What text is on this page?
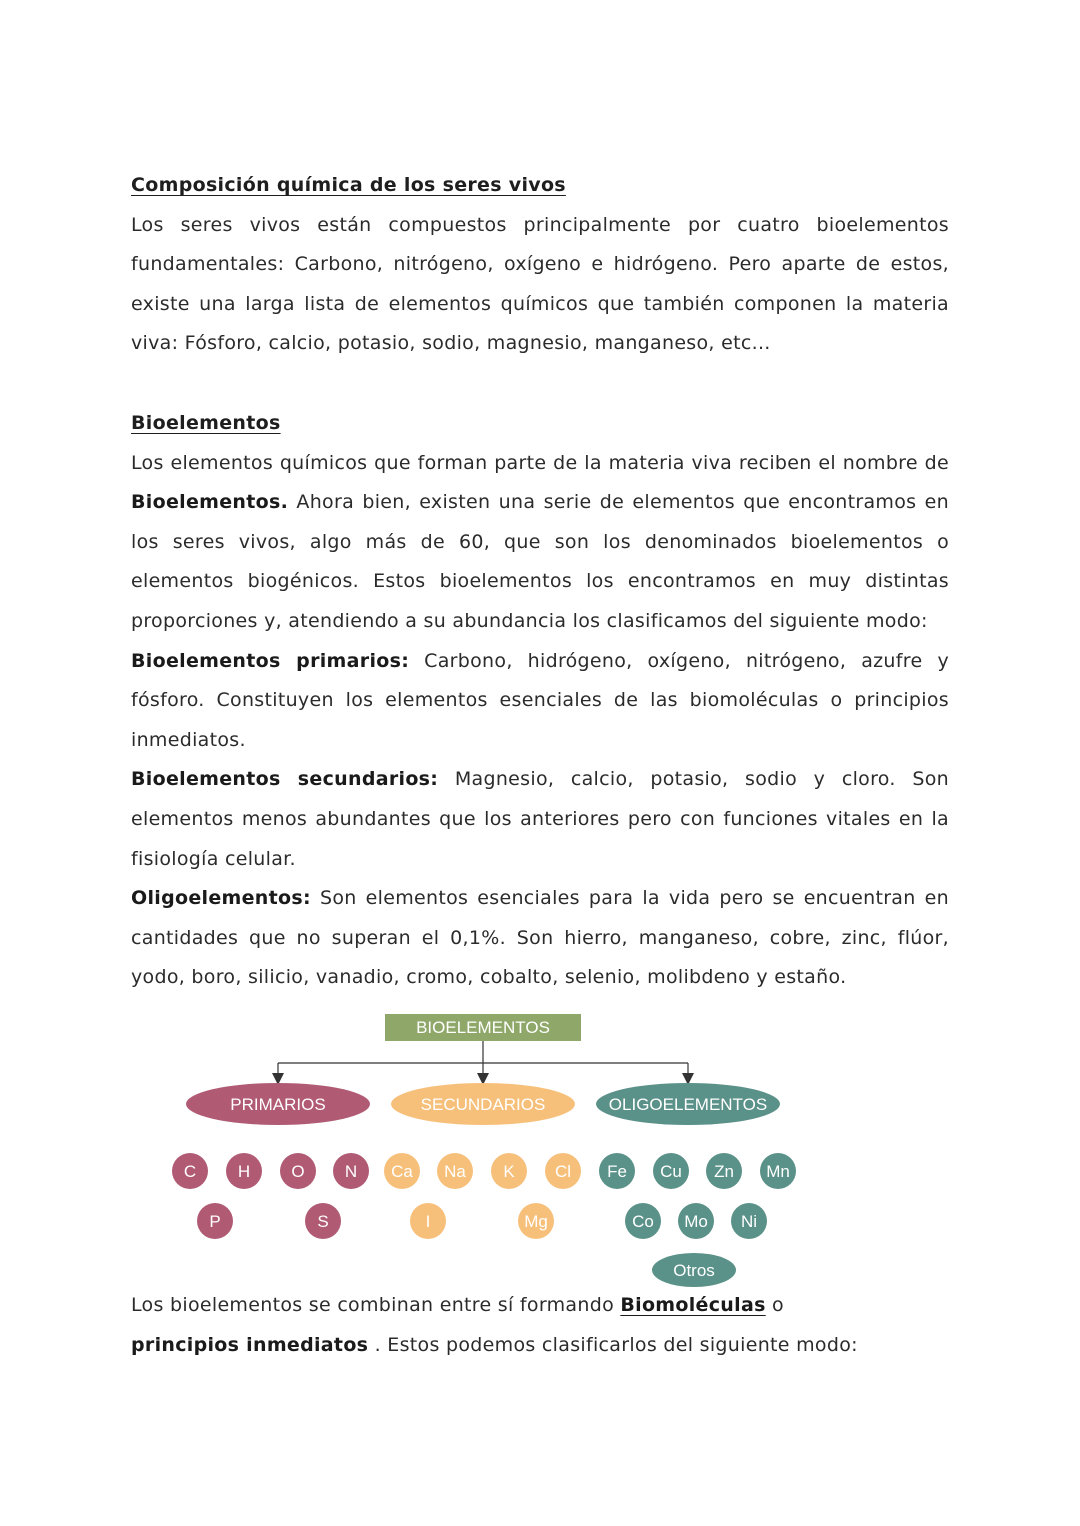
Composición química de los seres vivos
Los seres vivos están compuestos principalmente por cuatro bioelementos fundamentales: Carbono, nitrógeno, oxígeno e hidrógeno. Pero aparte de estos, existe una larga lista de elementos químicos que también componen la materia viva: Fósforo, calcio, potasio, sodio, magnesio, manganeso, etc...
Bioelementos
Los elementos químicos que forman parte de la materia viva reciben el nombre de Bioelementos. Ahora bien, existen una serie de elementos que encontramos en los seres vivos, algo más de 60, que son los denominados bioelementos o elementos biogénicos. Estos bioelementos los encontramos en muy distintas proporciones y, atendiendo a su abundancia los clasificamos del siguiente modo:
Bioelementos primarios: Carbono, hidrógeno, oxígeno, nitrógeno, azufre y fósforo. Constituyen los elementos esenciales de las biomoléculas o principios inmediatos.
Bioelementos secundarios: Magnesio, calcio, potasio, sodio y cloro. Son elementos menos abundantes que los anteriores pero con funciones vitales en la fisiología celular.
Oligoelementos: Son elementos esenciales para la vida pero se encuentran en cantidades que no superan el 0,1%. Son hierro, manganeso, cobre, zinc, flúor, yodo, boro, silicio, vanadio, cromo, cobalto, selenio, molibdeno y estaño.
BIOELEMENTOS
PRIMARIOS	SECUNDARIOS	OLIGOELEMENTOS
C H O N
P	S
Ca Na K Cl
I	Mg
Fe Cu Zn Mn
Co Mo Ni
Otros
Los bioelementos se combinan entre sí formando Biomoléculas o principios inmediatos . Estos podemos clasificarlos del siguiente modo:
